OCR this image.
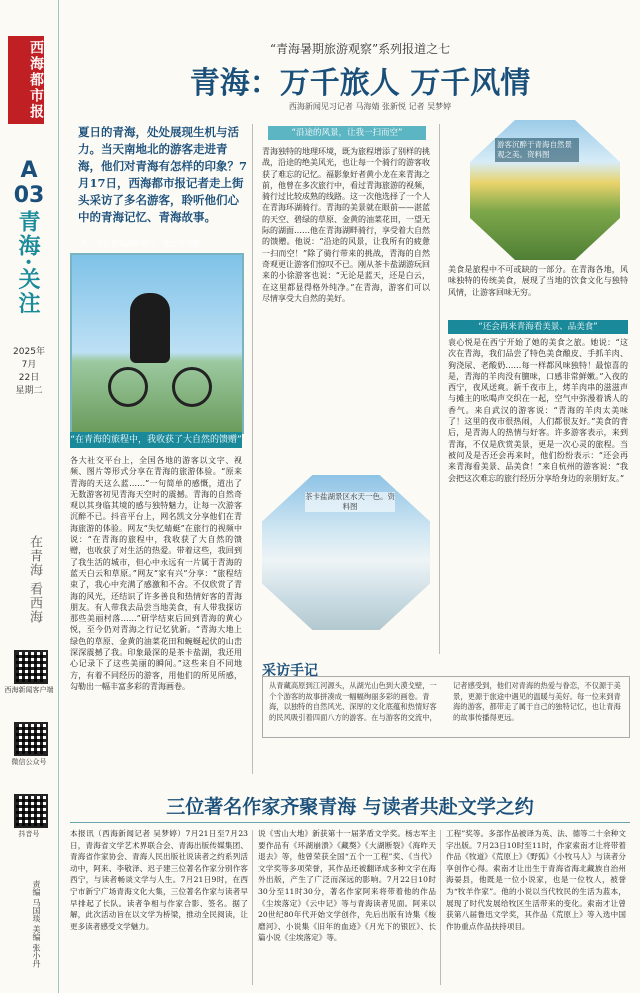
西海都市报
A
03
青海·关注
2025年
7月
22日
星期二
在青海 看西海
西海新闻客户端
微信公众号
抖音号
责编 马国琰 美编 张小丹
“青海暑期旅游观察”系列报道之七
青海：万千旅人 万千风情
西海新闻见习记者 马海婧 张新悦 记者 吴梦婷
夏日的青海，处处展现生机与活力。当天南地北的游客走进青海，他们对青海有怎样的印象？7月17日，西海都市报记者走上街头采访了多名游客，聆听他们心中的青海记忆、青海故事。
黄小龙在青海湖畔骑行。受访者供图
“在青海的旅程中，我收获了大自然的馈赠”
游客沉醉于青海自然景观之美。资料图
“还会再来青海看美景、品美食”
茶卡盐湖景区水天一色。资料图
“沿途的风景，让我一扫而空”
各大社交平台上，全国各地的游客以文字、视频、图片等形式分享在青海的旅游体验。“原来青海的天这么蓝……”一句简单的感慨，道出了无数游客初见青海天空时的震撼。青海的自然奇观以其身临其境的感与独特魅力，让每一次游客沉醉不已。抖音平台上，网名凯文分享他们在青海旅游的体验。网友“失忆蜻蜓”在旅行的视频中说：“在青海的旅程中，我收获了大自然的馈赠，也收获了对生活的热爱。带着这些，我回到了我生活的城市，但心中永远有一片属于青海的蓝天白云和草原。”网友“家有兴”分享：“旅程结束了，我心中充满了感激和不舍。不仅欣赏了青海的风光，还结识了许多善良和热情好客的青海朋友。有人带我去品尝当地美食，有人带我探访那些美丽村落……”研学结束后回到青海的黄心悦，至今仍对青海之行记忆犹新。“青海大地上绿色的草原、金黄的油菜花田和蜿蜒起伏的山峦深深震撼了我。印象最深的是茶卡盐湖，我还用心记录下了这些美丽的瞬间。”这些来自不同地方，有着不同经历的游客，用他们的所见所感，勾勒出一幅丰富多彩的青海画卷。
青海独特的地理环境，既为旅程增添了别样的挑战，沿途的绝美风光，也让每一个骑行的游客收获了难忘的记忆。福影象好者黄小龙在来青海之前，他曾在多次旅行中，看过青海旅游的视频，骑行过比较成熟的线路。这一次他选择了一个人在青海环湖骑行。青海的美景就在眼前——湛蓝的天空、碧绿的草原、金黄的油菜花田，一望无际的湖面……他在青海湖畔骑行，享受着大自然的馈赠。他说：“沿途的风景，让我所有的疲惫一扫而空！”除了骑行带来的挑战，青海的自然奇观更让游客们惊叹不已。刚从茶卡盐湖游玩回来的小徐游客也说：“无论是蓝天，还是白云，在这里都显得格外纯净。”在青海，游客们可以尽情享受大自然的美好。
美食是旅程中不可或缺的一部分。在青海各地，风味独特的传统美食，展现了当地的饮食文化与独特风情，让游客回味无穷。
袁心悦是在西宁开始了她的美食之旅。她说：“这次在青海，我们品尝了特色美食酿皮、手抓羊肉、狗浇尿、老酸奶……每一样都风味独特！最惊喜的是，青海的羊肉没有膻味，口感非常鲜嫩。”入夜的西宁，夜风送爽。新千夜市上，烤羊肉串的滋滋声与摊主的吆喝声交织在一起，空气中弥漫着诱人的香气。来自武汉的游客说：“青海的羊肉太美味了！这里的夜市很热闹，人们都很友好。”美食的背后，是青海人的热情与好客。许多游客表示，来到青海，不仅是欣赏美景，更是一次心灵的旅程。当被问及是否还会再来时，他们纷纷表示：“还会再来青海看美景、品美食！”来自杭州的游客说：“我会把这次难忘的旅行经历分享给身边的亲朋好友。”
采访手记
从青藏高原到江河源头，从湖光山色到大漠戈壁，一个个游客的故事拼凑成一幅幅绚丽多彩的画卷。青海，以独特的自然风光、深厚的文化底蕴和热情好客的民风吸引着四面八方的游客。在与游客的交流中，记者感受到，他们对青海的热爱与眷恋，不仅源于美景，更源于旅途中遇见的温暖与美好。每一位来到青海的游客，都带走了属于自己的独特记忆，也让青海的故事传播得更远。
三位著名作家齐聚青海 与读者共赴文学之约
本报讯（西海新闻记者 吴梦婷）7月21日至7月23日，青海省文学艺术界联合会、青海出版传媒集团、青海省作家协会、青海人民出版社说读者之约系列活动中，阿来、李敬泽、迟子建三位著名作家分别作客西宁，与读者畅谈文学与人生。7月21日9时，在西宁市新宁广场青海文化大集，三位著名作家与读者早早排起了长队。读者争相与作家合影、签名。据了解，此次活动旨在以文学为桥梁，推动全民阅读，让更多读者感受文学魅力。
说《雪山大地》新获第十一届茅盾文学奖。杨志军主要作品有《环湖崩溃》《藏獒》《大湖断裂》《海昨天退去》等，他曾荣获全国“五个一工程”奖、《当代》文学奖等多项荣誉，其作品还被翻译成多种文字在海外出版，产生了广泛而深远的影响。7月22日10时30分至11时30分，著名作家阿来将带着他的作品《尘埃落定》《云中记》等与青海读者见面。阿来以20世纪80年代开始文学创作，先后出版有诗集《梭磨河》、小说集《旧年的血迹》《月光下的银匠》、长篇小说《尘埃落定》等。
工程”奖等。多部作品被译为英、法、德等二十余种文字出版。7月23日10时至11时，作家索南才让将带着作品《牧道》《荒原上》《野狐》《小牧马人》与读者分享创作心得。索南才让出生于青海省海北藏族自治州海晏县，他既是一位小说家，也是一位牧人，被誉为“牧羊作家”。他的小说以当代牧民的生活为蓝本，展现了时代发展给牧区生活带来的变化。索南才让曾获第八届鲁迅文学奖，其作品《荒原上》等入选中国作协重点作品扶持项目。
